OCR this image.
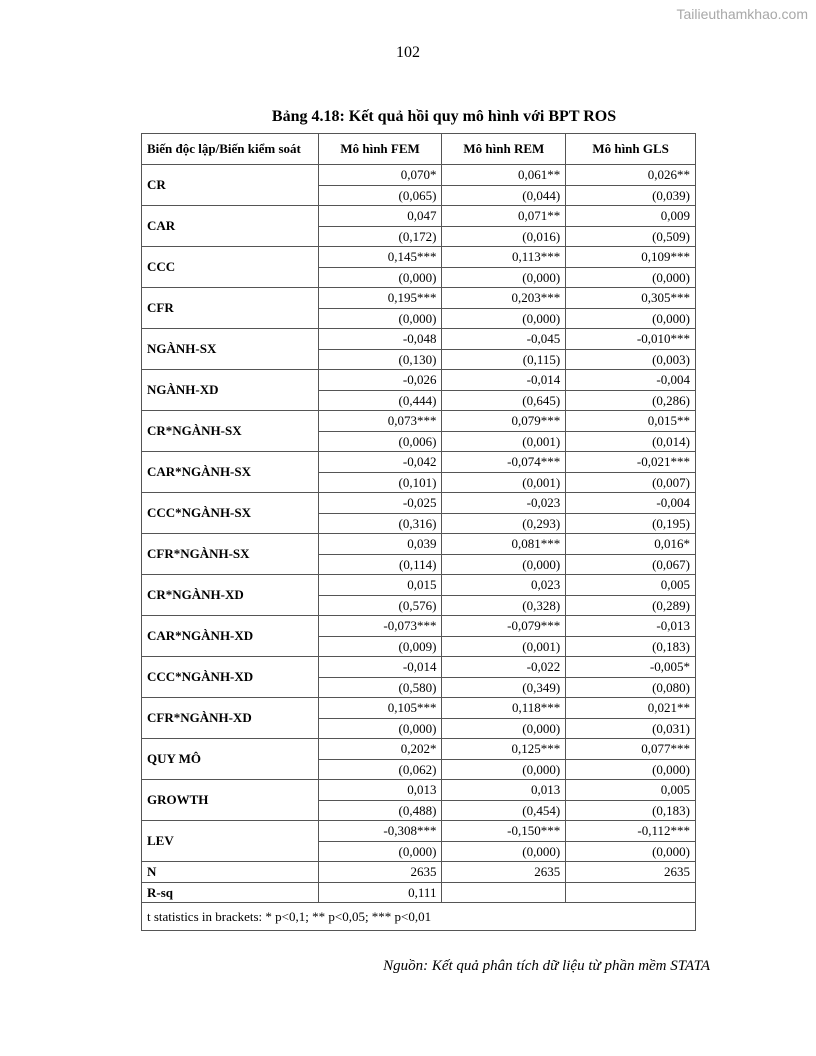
Tailieuthamkhao.com
102
Bảng 4.18: Kết quả hồi quy mô hình với BPT ROS
Biến độc lập/Biến kiểm soát	Mô hình FEM	Mô hình REM	Mô hình GLS
CR	0,070*	0,061**	0,026**
	(0,065)	(0,044)	(0,039)
CAR	0,047	0,071**	0,009
	(0,172)	(0,016)	(0,509)
CCC	0,145***	0,113***	0,109***
	(0,000)	(0,000)	(0,000)
CFR	0,195***	0,203***	0,305***
	(0,000)	(0,000)	(0,000)
NGÀNH-SX	-0,048	-0,045	-0,010***
	(0,130)	(0,115)	(0,003)
NGÀNH-XD	-0,026	-0,014	-0,004
	(0,444)	(0,645)	(0,286)
CR*NGÀNH-SX	0,073***	0,079***	0,015**
	(0,006)	(0,001)	(0,014)
CAR*NGÀNH-SX	-0,042	-0,074***	-0,021***
	(0,101)	(0,001)	(0,007)
CCC*NGÀNH-SX	-0,025	-0,023	-0,004
	(0,316)	(0,293)	(0,195)
CFR*NGÀNH-SX	0,039	0,081***	0,016*
	(0,114)	(0,000)	(0,067)
CR*NGÀNH-XD	0,015	0,023	0,005
	(0,576)	(0,328)	(0,289)
CAR*NGÀNH-XD	-0,073***	-0,079***	-0,013
	(0,009)	(0,001)	(0,183)
CCC*NGÀNH-XD	-0,014	-0,022	-0,005*
	(0,580)	(0,349)	(0,080)
CFR*NGÀNH-XD	0,105***	0,118***	0,021**
	(0,000)	(0,000)	(0,031)
QUY MÔ	0,202*	0,125***	0,077***
	(0,062)	(0,000)	(0,000)
GROWTH	0,013	0,013	0,005
	(0,488)	(0,454)	(0,183)
LEV	-0,308***	-0,150***	-0,112***
	(0,000)	(0,000)	(0,000)
N	2635	2635	2635
R-sq	0,111		
t statistics in brackets: * p<0,1; ** p<0,05; *** p<0,01			
Nguồn: Kết quả phân tích dữ liệu từ phần mềm STATA
